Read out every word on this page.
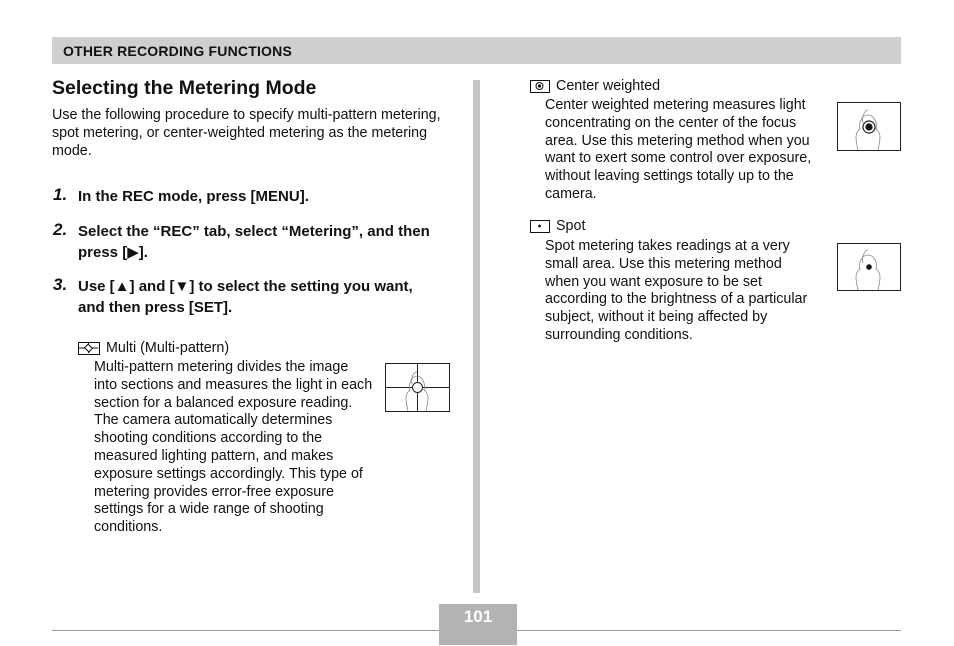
OTHER RECORDING FUNCTIONS
Selecting the Metering Mode
Use the following procedure to specify multi-pattern metering, spot metering, or center-weighted metering as the metering mode.
1. In the REC mode, press [MENU].
2. Select the “REC” tab, select “Metering”, and then press [▶].
3. Use [▲] and [▼] to select the setting you want, and then press [SET].
Multi (Multi-pattern)
Multi-pattern metering divides the image into sections and measures the light in each section for a balanced exposure reading. The camera automatically determines shooting conditions according to the measured lighting pattern, and makes exposure settings accordingly. This type of metering provides error-free exposure settings for a wide range of shooting conditions.
Center weighted
Center weighted metering measures light concentrating on the center of the focus area. Use this metering method when you want to exert some control over exposure, without leaving settings totally up to the camera.
Spot
Spot metering takes readings at a very small area. Use this metering method when you want exposure to be set according to the brightness of a particular subject, without it being affected by surrounding conditions.
101
